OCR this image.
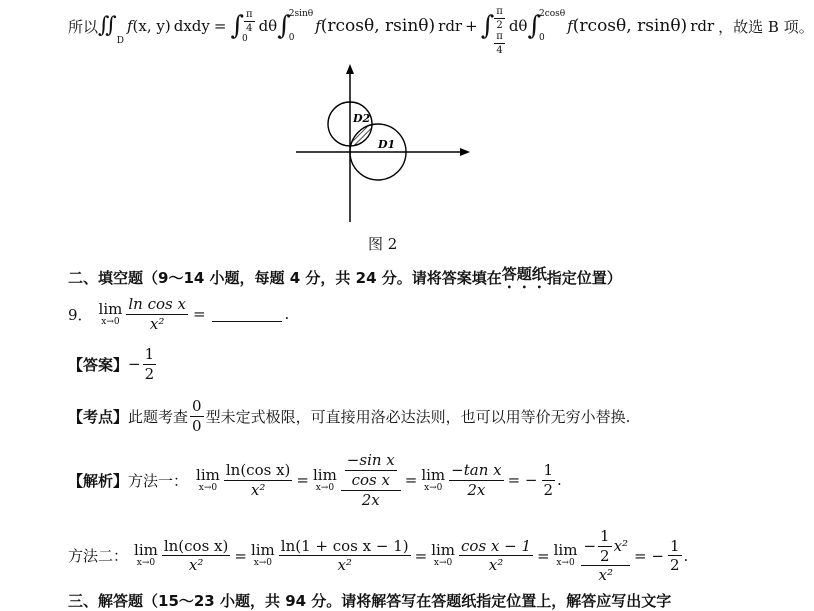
所以 ∬
D
f (x, y) dxdy = ∫ $\frac{\pi}{4}$
0
dθ ∫
2sinθ
0
f (rcosθ, rsinθ) rdr + ∫ $\frac{\pi}{2}$
$\frac{\pi}{4}$
dθ ∫
2cosθ
0
f (rcosθ, rsinθ) rdr ，故选 B 项。
D2
D1
图 2
二、填空题（9～14 小题，每题 4 分，共 24 分。请将答案填在 答题纸 指定位置）
9． lim
$x\to 0 \frac{\text{ln cos x}}{\text{x²}}$ =	.
【答案】 − $\frac{1}{2}$
【考点】 此题考查 $\frac{0}{0}$ 型未定式极限，可直接用洛必达法则，也可以用等价无穷小替换.
【解析】 方法一： lim
$x\to 0 \frac{\text{ln(cos x)}}{\text{x²}} = \lim$
$x\to 0 \frac{\frac{\text{−sin x}}{\text{cos x}}}{2x} = \lim$
$x\to 0 \frac{\text{−tan x}}{2x}$ = − $\frac{1}{2}$ .
方法二： lim
$x\to 0 \frac{\text{ln(cos x)}}{\text{x²}} = \lim$
$x\to 0 \frac{\text{ln(1 + cos x − 1)}}{\text{x²}} = \lim$
$x\to 0 \frac{\text{cos x − 1}}{\text{x²}} = \lim$
$x\to 0 \frac{- \frac{1}{2} x^2}{\text{x²}}$ = − $\frac{1}{2}$ .
三、解答题（15～23 小题，共 94 分。请将解答写在答题纸指定位置上，解答应写出文字
